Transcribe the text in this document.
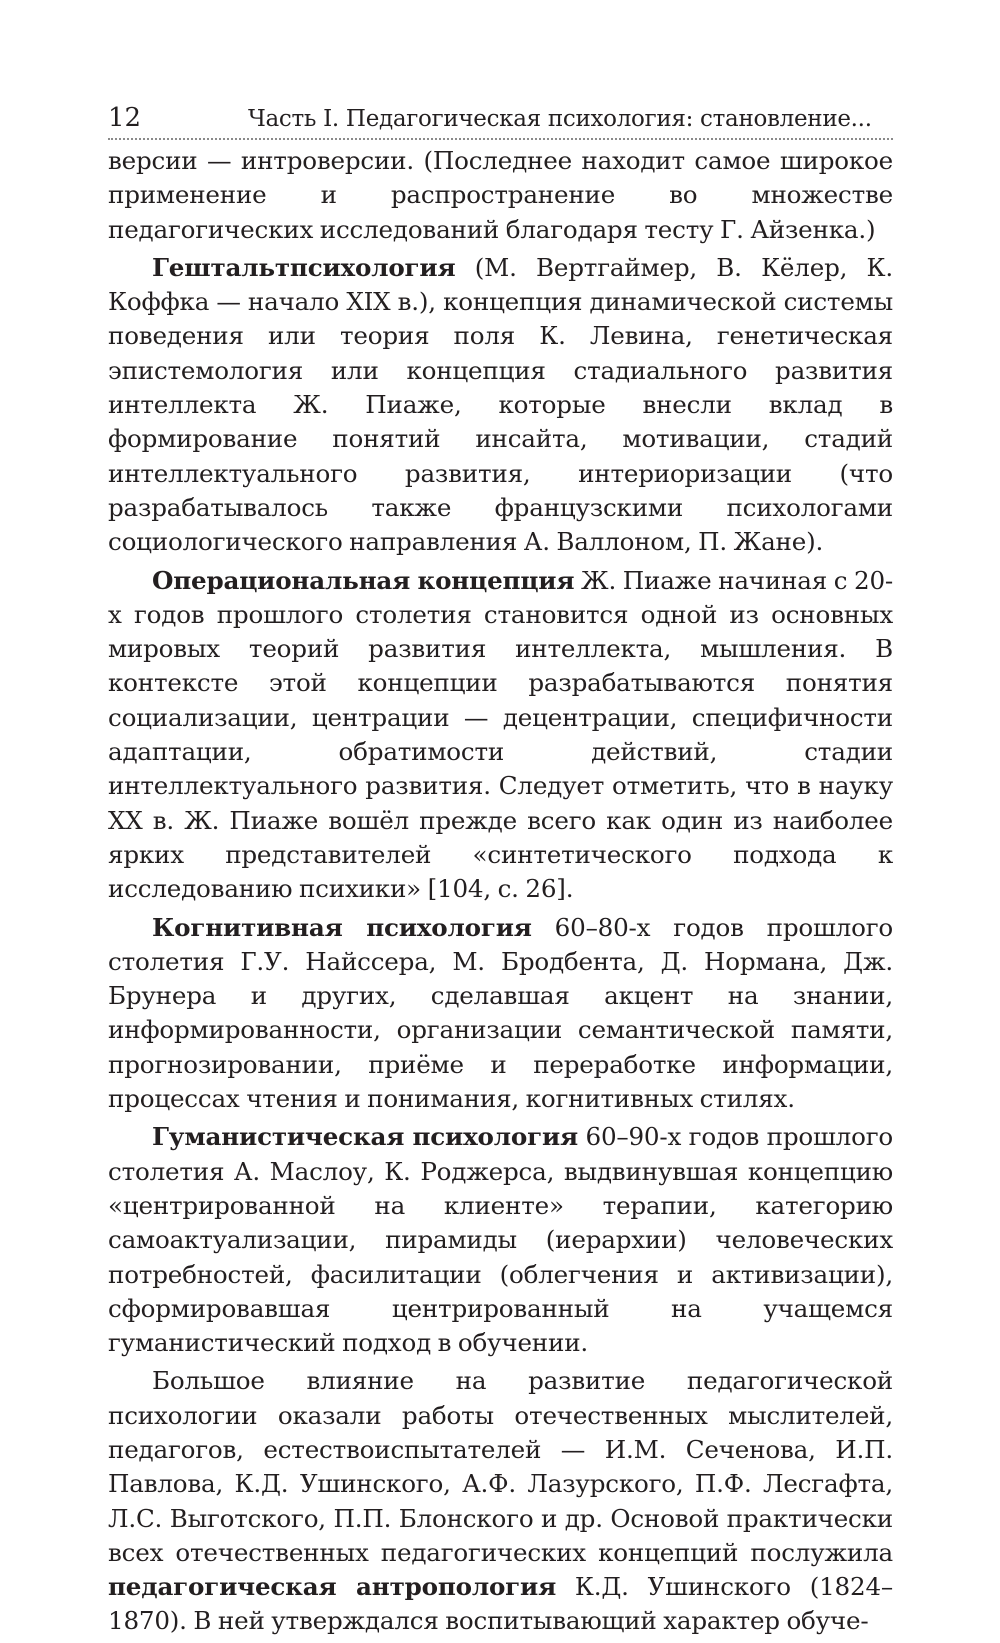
12	Часть I. Педагогическая психология: становление...

версии — интроверсии. (Последнее находит самое широкое применение и распространение во множестве педагогических исследований благодаря тесту Г. Айзенка.)

Гештальтпсихология (М. Вертгаймер, В. Кёлер, К. Коффка — начало XIX в.), концепция динамической системы поведения или теория поля К. Левина, генетическая эпистемология или концепция стадиального развития интеллекта Ж. Пиаже, которые внесли вклад в формирование понятий инсайта, мотивации, стадий интеллектуального развития, интериоризации (что разрабатывалось также французскими психологами социологического направления А. Валлоном, П. Жане).

Операциональная концепция Ж. Пиаже начиная с 20-х годов прошлого столетия становится одной из основных мировых теорий развития интеллекта, мышления. В контексте этой концепции разрабатываются понятия социализации, центрации — децентрации, специфичности адаптации, обратимости действий, стадии интеллектуального развития. Следует отметить, что в науку XX в. Ж. Пиаже вошёл прежде всего как один из наиболее ярких представителей «синтетического подхода к исследованию психики» [104, с. 26].

Когнитивная психология 60–80-х годов прошлого столетия Г.У. Найссера, М. Бродбента, Д. Нормана, Дж. Брунера и других, сделавшая акцент на знании, информированности, организации семантической памяти, прогнозировании, приёме и переработке информации, процессах чтения и понимания, когнитивных стилях.

Гуманистическая психология 60–90-х годов прошлого столетия А. Маслоу, К. Роджерса, выдвинувшая концепцию «центрированной на клиенте» терапии, категорию самоактуализации, пирамиды (иерархии) человеческих потребностей, фасилитации (облегчения и активизации), сформировавшая центрированный на учащемся гуманистический подход в обучении.

Большое влияние на развитие педагогической психологии оказали работы отечественных мыслителей, педагогов, естествоиспытателей — И.М. Сеченова, И.П. Павлова, К.Д. Ушинского, А.Ф. Лазурского, П.Ф. Лесгафта, Л.С. Выготского, П.П. Блонского и др. Основой практически всех отечественных педагогических концепций послужила педагогическая антропология К.Д. Ушинского (1824–1870). В ней утверждался воспитывающий характер обуче-
